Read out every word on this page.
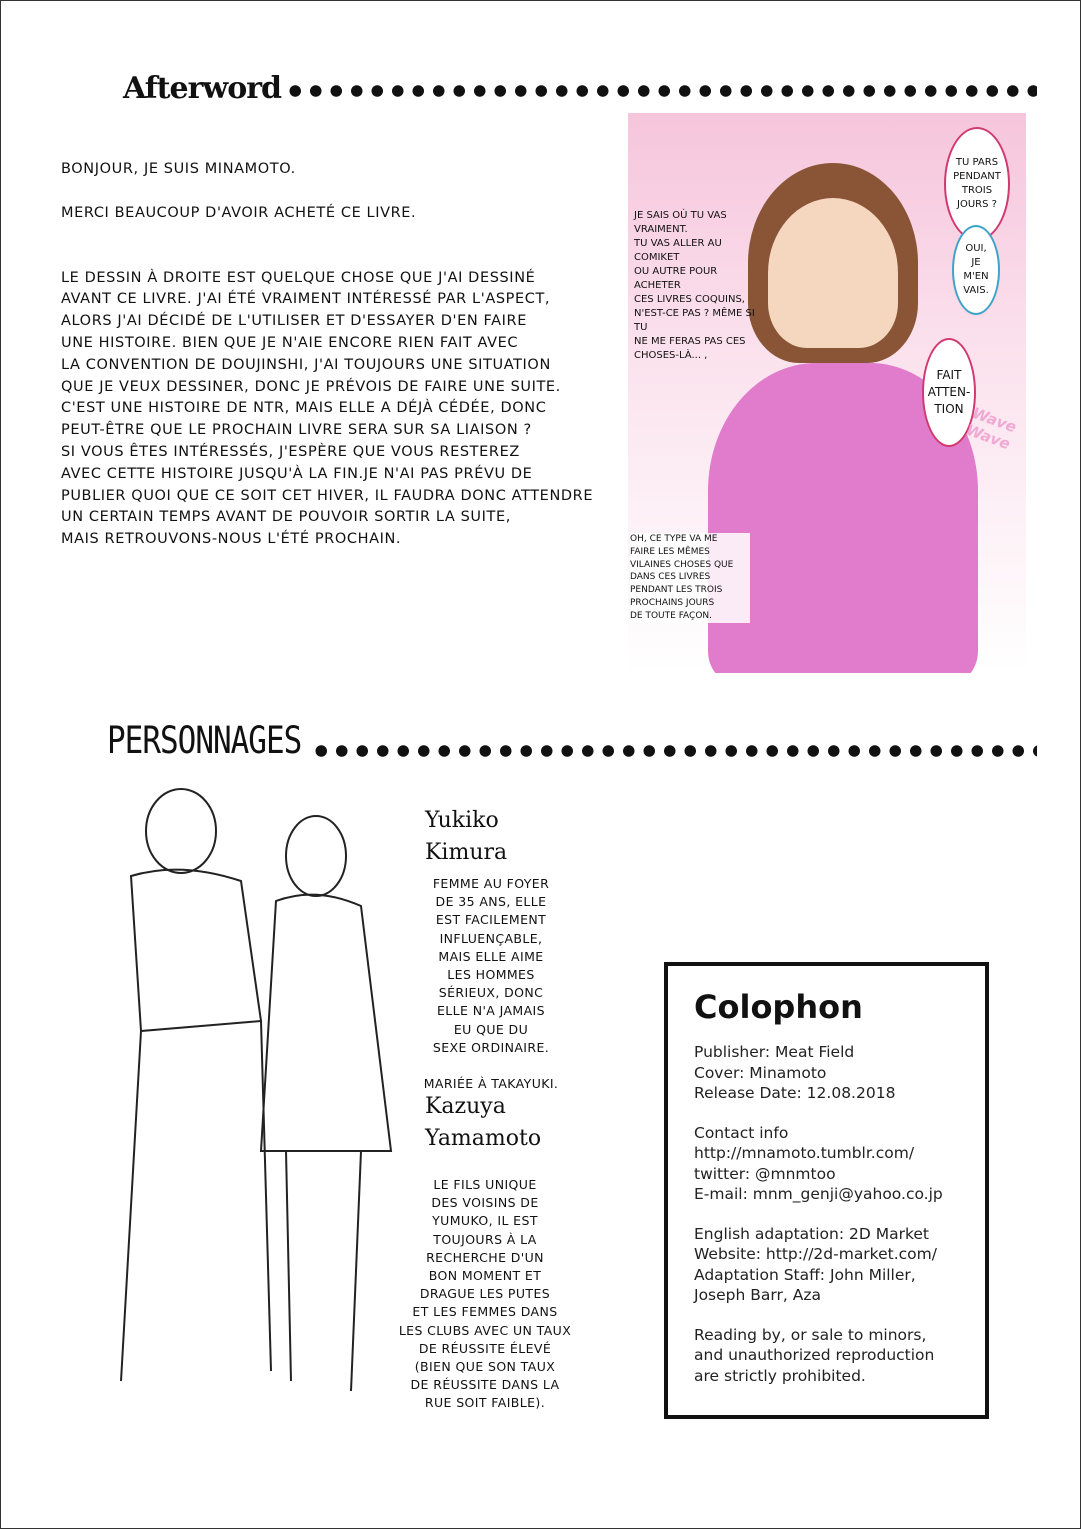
Afterword

BONJOUR, JE SUIS MINAMOTO.

MERCI BEAUCOUP D'AVOIR ACHETÉ CE LIVRE.

LE DESSIN À DROITE EST QUELQUE CHOSE QUE J'AI DESSINÉ
AVANT CE LIVRE. J'AI ÉTÉ VRAIMENT INTÉRESSÉ PAR L'ASPECT,
ALORS J'AI DÉCIDÉ DE L'UTILISER ET D'ESSAYER D'EN FAIRE
UNE HISTOIRE. BIEN QUE JE N'AIE ENCORE RIEN FAIT AVEC
LA CONVENTION DE DOUJINSHI, J'AI TOUJOURS UNE SITUATION
QUE JE VEUX DESSINER, DONC JE PRÉVOIS DE FAIRE UNE SUITE.
C'EST UNE HISTOIRE DE NTR, MAIS ELLE A DÉJÀ CÉDÉE, DONC
PEUT-ÊTRE QUE LE PROCHAIN LIVRE SERA SUR SA LIAISON ?
SI VOUS ÊTES INTÉRESSÉS, J'ESPÈRE QUE VOUS RESTEREZ
AVEC CETTE HISTOIRE JUSQU'À LA FIN.JE N'AI PAS PRÉVU DE
PUBLIER QUOI QUE CE SOIT CET HIVER, IL FAUDRA DONC ATTENDRE
UN CERTAIN TEMPS AVANT DE POUVOIR SORTIR LA SUITE,
MAIS RETROUVONS-NOUS L'ÉTÉ PROCHAIN.

JE SAIS OÙ TU VAS VRAIMENT.
TU VAS ALLER AU COMIKET
OU AUTRE POUR ACHETER
CES LIVRES COQUINS,
N'EST-CE PAS ? MÊME SI TU
NE ME FERAS PAS CES
CHOSES-LÀ... ,
TU PARS
PENDANT
TROIS
JOURS ?
OUI,
JE
M'EN
VAIS.
FAIT
ATTEN-
TION Wave Wave
OH, CE TYPE VA ME
FAIRE LES MÊMES
VILAINES CHOSES QUE
DANS CES LIVRES
PENDANT LES TROIS
PROCHAINS JOURS
DE TOUTE FAÇON.
PERSONNAGES
Yukiko
Kimura
FEMME AU FOYER
DE 35 ANS, ELLE
EST FACILEMENT
INFLUENÇABLE,
MAIS ELLE AIME
LES HOMMES
SÉRIEUX, DONC
ELLE N'A JAMAIS
EU QUE DU
SEXE ORDINAIRE.
MARIÉE À TAKAYUKI.
Kazuya
Yamamoto
LE FILS UNIQUE
DES VOISINS DE
YUMUKO, IL EST
TOUJOURS À LA
RECHERCHE D'UN
BON MOMENT ET
DRAGUE LES PUTES
ET LES FEMMES DANS
LES CLUBS AVEC UN TAUX
DE RÉUSSITE ÉLEVÉ
(BIEN QUE SON TAUX
DE RÉUSSITE DANS LA
RUE SOIT FAIBLE).
Colophon

Publisher: Meat Field
Cover: Minamoto
Release Date: 12.08.2018

Contact info
http://mnamoto.tumblr.com/
twitter: @mnmtoo
E-mail: mnm_genji@yahoo.co.jp

English adaptation: 2D Market
Website: http://2d-market.com/
Adaptation Staff: John Miller,
Joseph Barr, Aza

Reading by, or sale to minors,
and unauthorized reproduction
are strictly prohibited.
